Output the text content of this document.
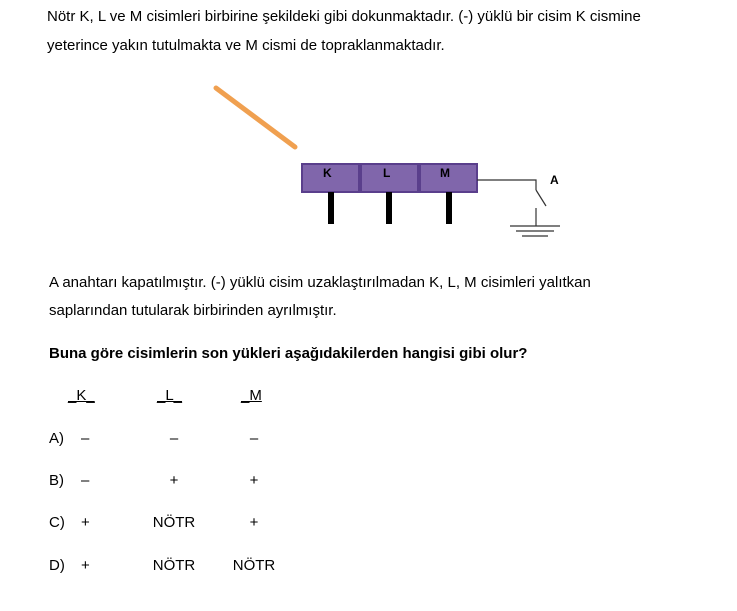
Nötr K, L ve M cisimleri birbirine şekildeki gibi dokunmaktadır. (-) yüklü bir cisim K cismine
yeterince yakın tutulmakta ve M cismi de topraklanmaktadır.
K	L	M	A
A anahtarı kapatılmıştır. (-) yüklü cisim uzaklaştırılmadan K, L, M cisimleri yalıtkan
saplarından tutularak birbirinden ayrılmıştır.
Buna göre cisimlerin son yükleri aşağıdakilerden hangisi gibi olur?
_K_	_L_	_M
A) –	–	–
B) –	+	+
C) +	NÖTR	+
D) +	NÖTR	NÖTR
